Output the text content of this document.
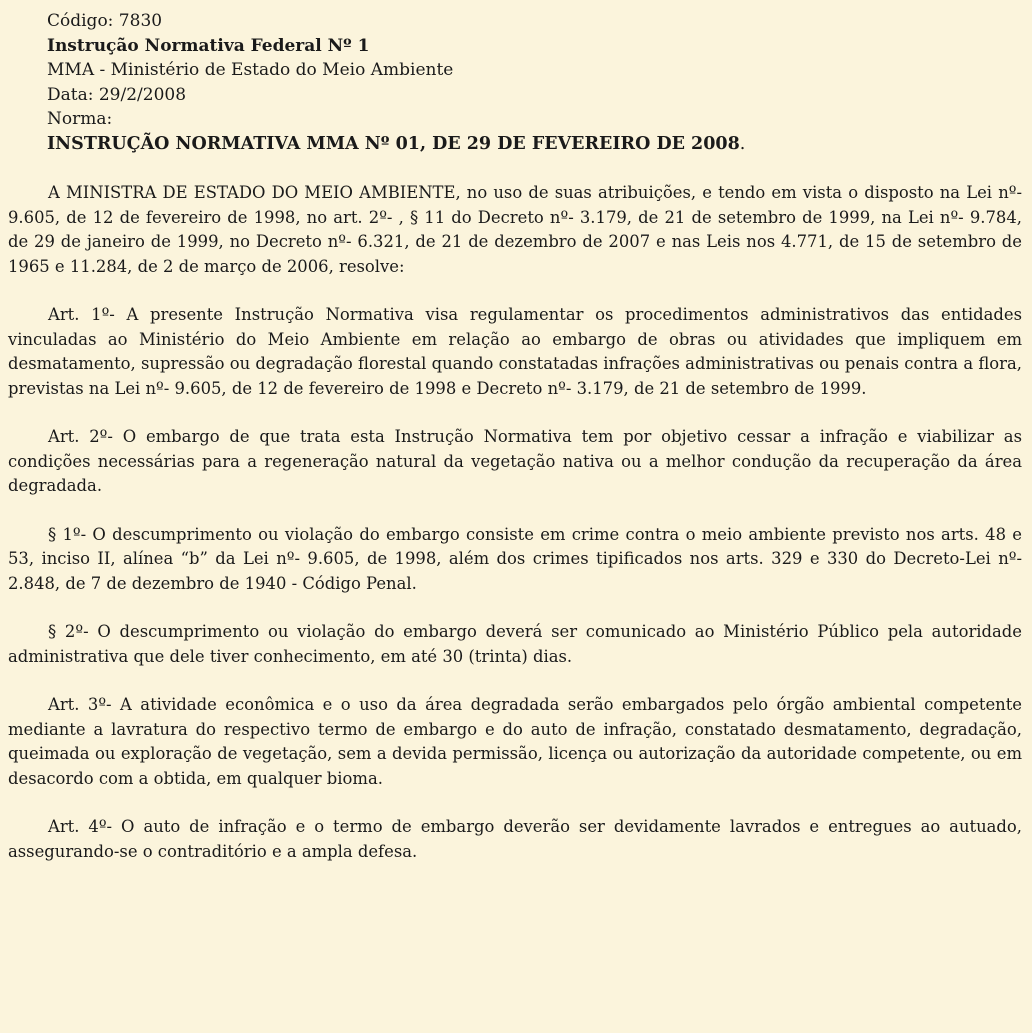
Código: 7830
Instrução Normativa Federal Nº 1
MMA - Ministério de Estado do Meio Ambiente
Data: 29/2/2008
Norma:
INSTRUÇÃO NORMATIVA MMA Nº 01, DE 29 DE FEVEREIRO DE 2008.

A MINISTRA DE ESTADO DO MEIO AMBIENTE, no uso de suas atribuições, e tendo em vista o disposto na Lei nº- 9.605, de 12 de fevereiro de 1998, no art. 2º- , § 11 do Decreto nº- 3.179, de 21 de setembro de 1999, na Lei nº- 9.784, de 29 de janeiro de 1999, no Decreto nº- 6.321, de 21 de dezembro de 2007 e nas Leis nos 4.771, de 15 de setembro de 1965 e 11.284, de 2 de março de 2006, resolve:

Art. 1º- A presente Instrução Normativa visa regulamentar os procedimentos administrativos das entidades vinculadas ao Ministério do Meio Ambiente em relação ao embargo de obras ou atividades que impliquem em desmatamento, supressão ou degradação florestal quando constatadas infrações administrativas ou penais contra a flora, previstas na Lei nº- 9.605, de 12 de fevereiro de 1998 e Decreto nº- 3.179, de 21 de setembro de 1999.

Art. 2º- O embargo de que trata esta Instrução Normativa tem por objetivo cessar a infração e viabilizar as condições necessárias para a regeneração natural da vegetação nativa ou a melhor condução da recuperação da área degradada.

§ 1º- O descumprimento ou violação do embargo consiste em crime contra o meio ambiente previsto nos arts. 48 e 53, inciso II, alínea “b” da Lei nº- 9.605, de 1998, além dos crimes tipificados nos arts. 329 e 330 do Decreto-Lei nº- 2.848, de 7 de dezembro de 1940 - Código Penal.

§ 2º- O descumprimento ou violação do embargo deverá ser comunicado ao Ministério Público pela autoridade administrativa que dele tiver conhecimento, em até 30 (trinta) dias.

Art. 3º- A atividade econômica e o uso da área degradada serão embargados pelo órgão ambiental competente mediante a lavratura do respectivo termo de embargo e do auto de infração, constatado desmatamento, degradação, queimada ou exploração de vegetação, sem a devida permissão, licença ou autorização da autoridade competente, ou em desacordo com a obtida, em qualquer bioma.

Art. 4º- O auto de infração e o termo de embargo deverão ser devidamente lavrados e entregues ao autuado, assegurando-se o contraditório e a ampla defesa.
